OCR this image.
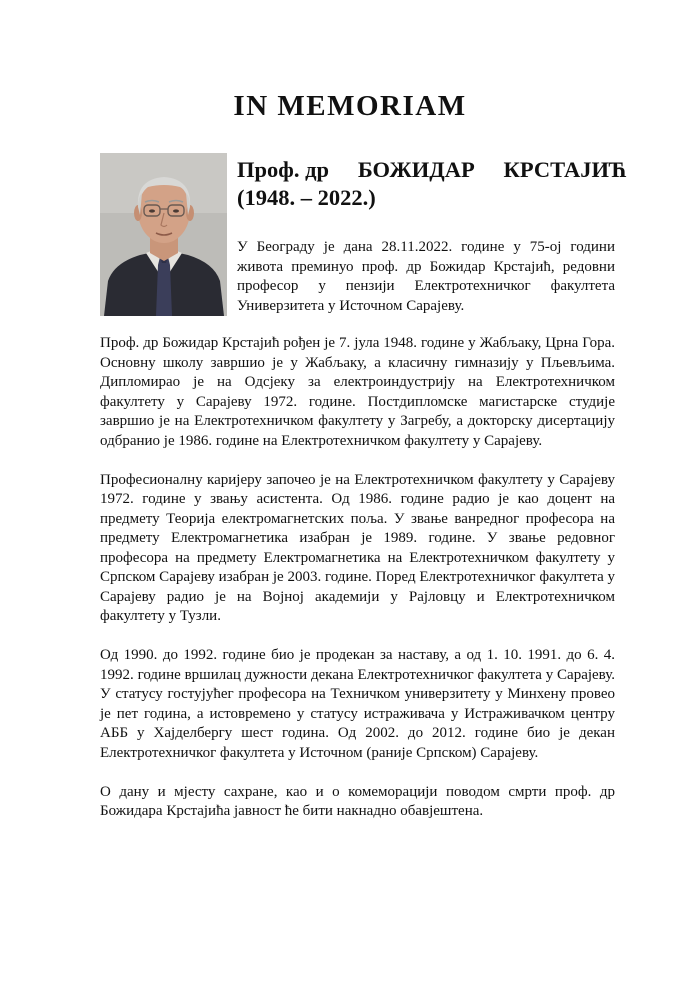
IN MEMORIAM
Проф. др БОЖИДАР КРСТАЈИЋ
(1948. – 2022.)

У Београду је дана 28.11.2022. године у 75-ој години живота преминуо проф. др Божидар Крстајић, редовни професор у пензији Електротехничког факултета Универзитета у Источном Сарајеву.

Проф. др Божидар Крстајић рођен је 7. јула 1948. године у Жабљаку, Црна Гора. Основну школу завршио је у Жабљаку, а класичну гимназију у Пљевљима. Дипломирао је на Одсјеку за електроиндустрију на Електротехничком факултету у Сарајеву 1972. године. Постдипломске магистарске студије завршио је на Електротехничком факултету у Загребу, а докторску дисертацију одбранио је 1986. године на Електротехничком факултету у Сарајеву.

Професионалну каријеру започео је на Електротехничком факултету у Сарајеву 1972. године у звању асистента. Од 1986. године радио је као доцент на предмету Теорија електромагнетских поља. У звање ванредног професора на предмету Електромагнетика изабран је 1989. године. У звање редовног професора на предмету Електромагнетика на Електротехничком факултету у Српском Сарајеву изабран је 2003. године. Поред Електротехничког факултета у Сарајеву радио је на Војној академији у Рајловцу и Електротехничком факултету у Тузли.

Од 1990. до 1992. године био је продекан за наставу, а од 1. 10. 1991. до 6. 4. 1992. године вршилац дужности декана Електротехничког факултета у Сарајеву. У статусу гостујућег професора на Техничком универзитету у Минхену провео је пет година, а истовремено у статусу истраживача у Истраживачком центру АББ у Хајделбергу шест година. Од 2002. до 2012. године био је декан Електротехничког факултета у Источном (раније Српском) Сарајеву.

О дану и мјесту сахране, као и о комеморацији поводом смрти проф. др Божидара Крстајића јавност ће бити накнадно обавјештена.
